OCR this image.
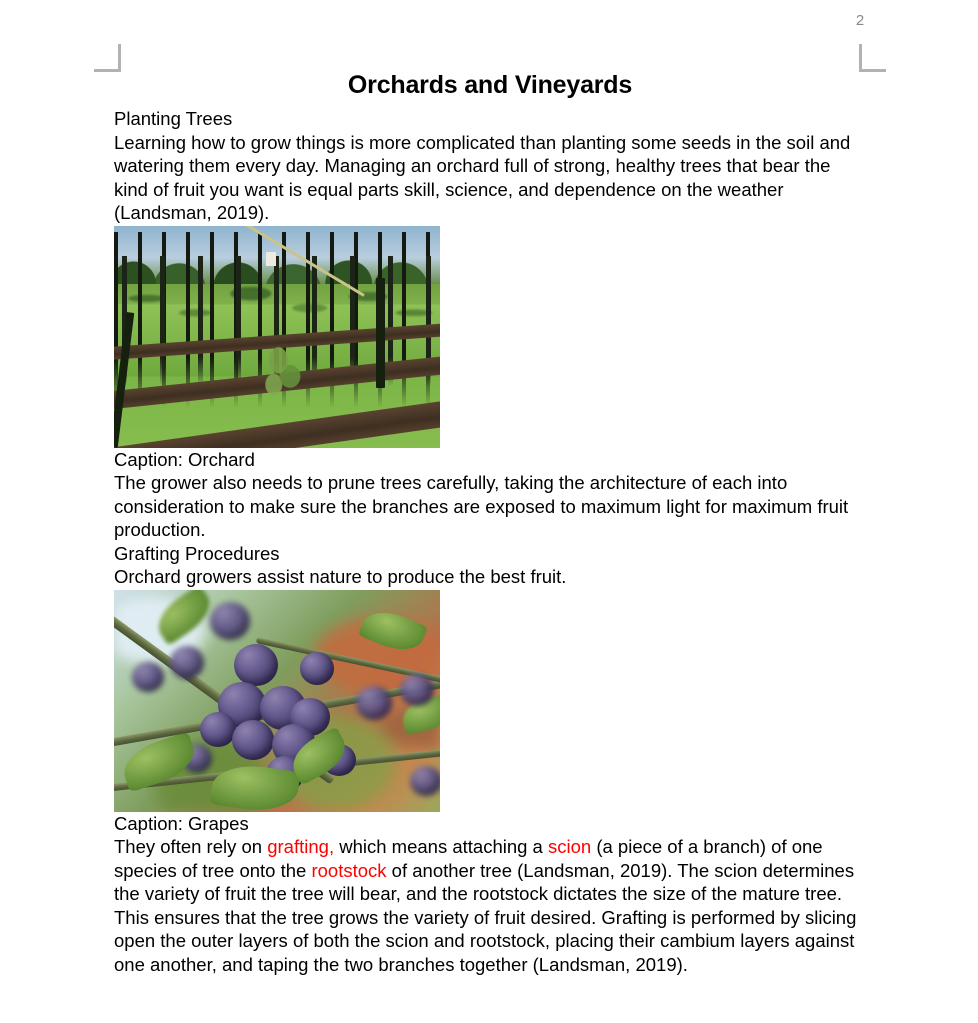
2
Orchards and Vineyards

Planting Trees

Learning how to grow things is more complicated than planting some seeds in the soil and watering them every day. Managing an orchard full of strong, healthy trees that bear the kind of fruit you want is equal parts skill, science, and dependence on the weather (Landsman, 2019).

Caption: Orchard

The grower also needs to prune trees carefully, taking the architecture of each into consideration to make sure the branches are exposed to maximum light for maximum fruit production.

Grafting Procedures

Orchard growers assist nature to produce the best fruit.

Caption: Grapes

They often rely on grafting, which means attaching a scion (a piece of a branch) of one species of tree onto the rootstock of another tree (Landsman, 2019). The scion determines the variety of fruit the tree will bear, and the rootstock dictates the size of the mature tree. This ensures that the tree grows the variety of fruit desired. Grafting is performed by slicing open the outer layers of both the scion and rootstock, placing their cambium layers against one another, and taping the two branches together (Landsman, 2019).
